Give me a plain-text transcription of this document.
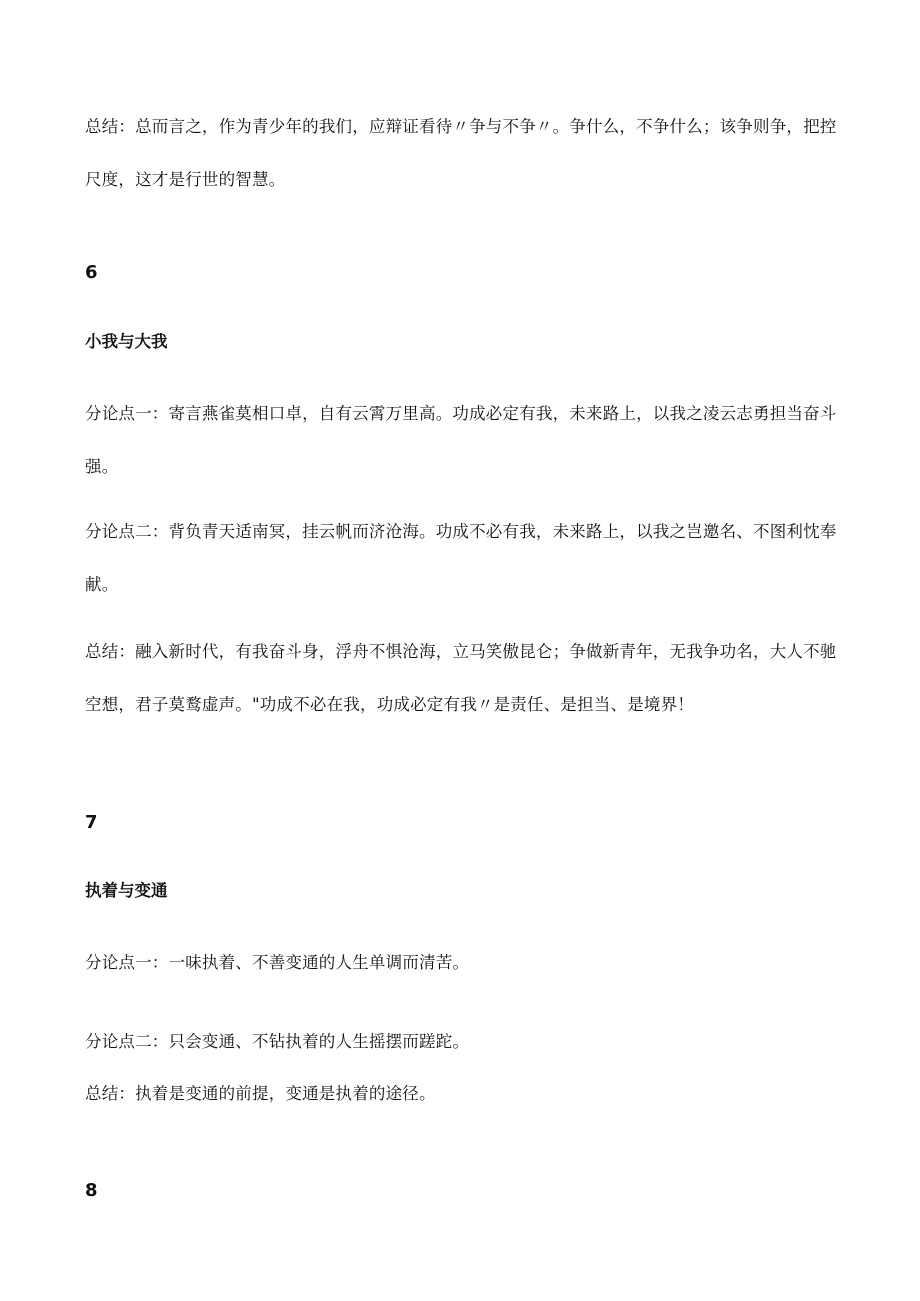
总结：总而言之，作为青少年的我们，应辩证看待〃争与不争〃。争什么，不争什么；该争则争，把控尺度，这才是行世的智慧。

6

小我与大我

分论点一：寄言燕雀莫相口卓，自有云霄万里高。功成必定有我，未来路上，以我之凌云志勇担当奋斗强。

分论点二：背负青天适南冥，挂云帆而济沧海。功成不必有我，未来路上，以我之岂邀名、不图利忱奉献。

总结：融入新时代，有我奋斗身，浮舟不惧沧海，立马笑傲昆仑；争做新青年，无我争功名，大人不驰空想，君子莫鹜虚声。"功成不必在我，功成必定有我〃是责任、是担当、是境界！

7

执着与变通

分论点一：一味执着、不善变通的人生单调而清苦。

分论点二：只会变通、不钻执着的人生摇摆而蹉跎。

总结：执着是变通的前提，变通是执着的途径。

8
